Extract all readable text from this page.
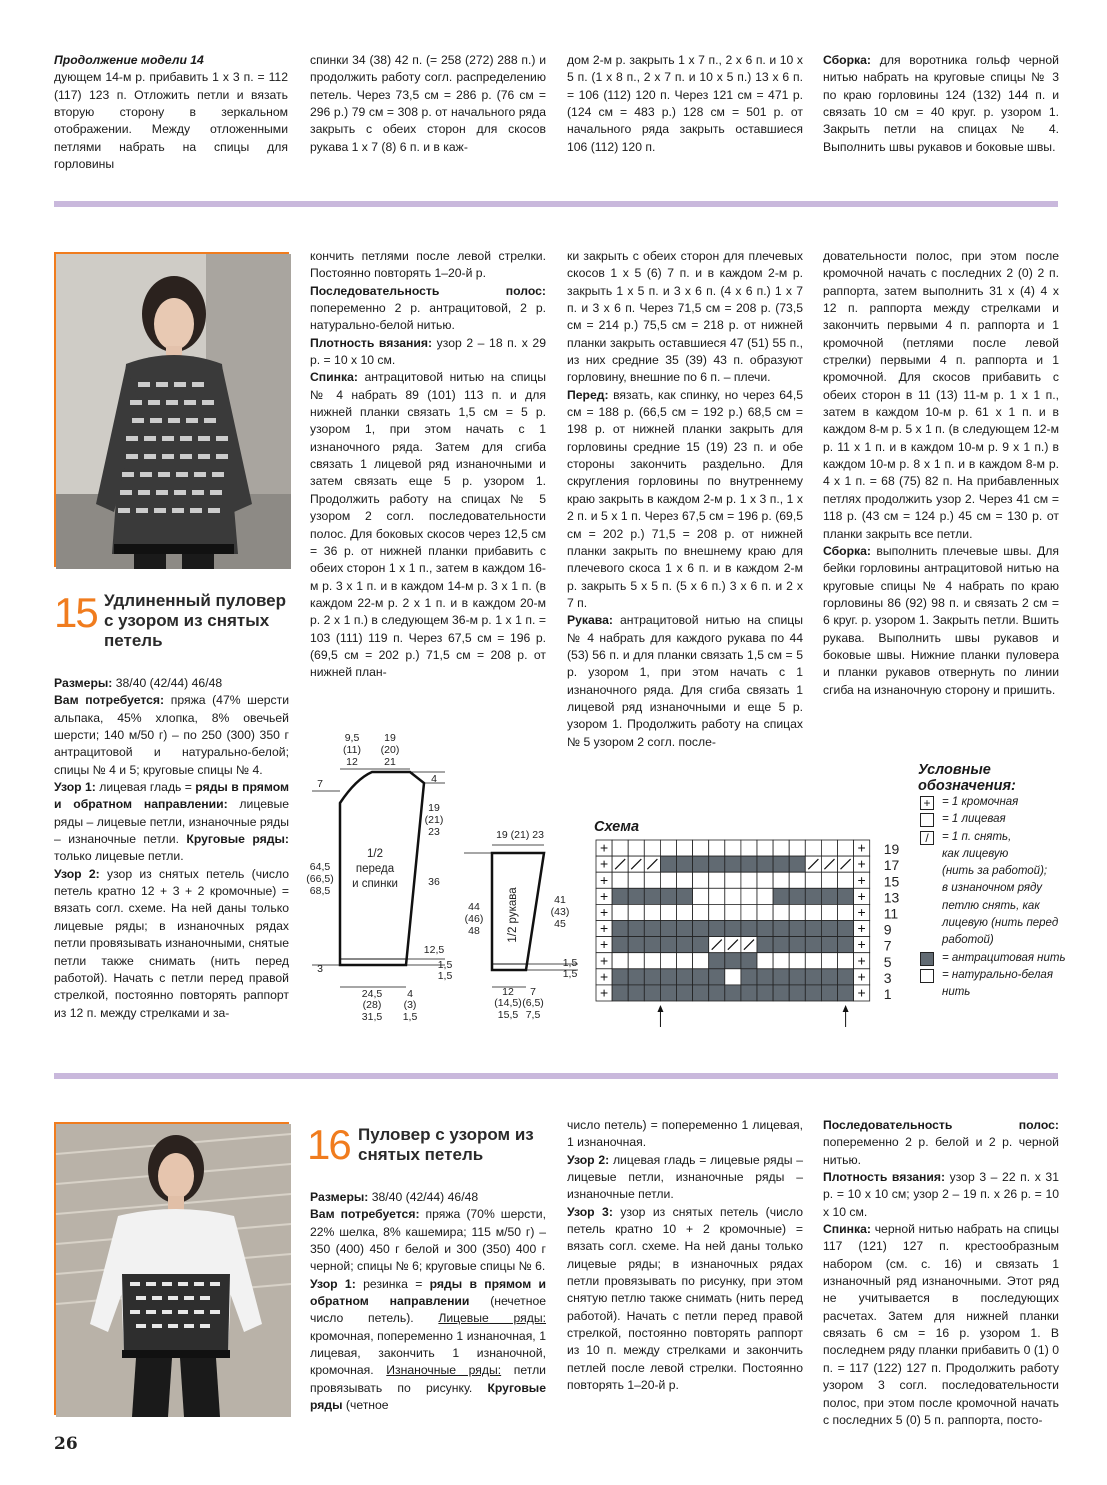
Продолжение модели 14

дующем 14-м р. прибавить 1 х 3 п. = 112 (117) 123 п. Отложить петли и вязать вторую сторону в зеркальном отображении. Между отложенными петлями набрать на спицы для горловины

спинки 34 (38) 42 п. (= 258 (272) 288 п.) и продолжить работу согл. распределению петель. Через 73,5 см = 286 р. (76 см = 296 р.) 79 см = 308 р. от начального ряда закрыть с обеих сторон для скосов рукава 1 х 7 (8) 6 п. и в каж-

дом 2-м р. закрыть 1 х 7 п., 2 х 6 п. и 10 х 5 п. (1 х 8 п., 2 х 7 п. и 10 х 5 п.) 13 х 6 п. = 106 (112) 120 п. Через 121 см = 471 р. (124 см = 483 р.) 128 см = 501 р. от начального ряда закрыть оставшиеся 106 (112) 120 п.

Сборка: для воротника гольф черной нитью набрать на круговые спицы № 3 по краю горловины 124 (132) 144 п. и связать 10 см = 40 круг. р. узором 1. Закрыть петли на спицах № 4. Выполнить швы рукавов и боковые швы.

15 Удлиненный пуловер с узором из снятых петель

Размеры: 38/40 (42/44) 46/48

Вам потребуется: пряжа (47% шерсти альпака, 45% хлопка, 8% овечьей шерсти; 140 м/50 г) – по 250 (300) 350 г антрацитовой и натурально-белой; спицы № 4 и 5; круговые спицы № 4.

Узор 1: лицевая гладь = ряды в прямом и обратном направлении: лицевые ряды – лицевые петли, изнаночные ряды – изнаночные петли. Круговые ряды: только лицевые петли.

Узор 2: узор из снятых петель (число петель кратно 12 + 3 + 2 кромочные) = вязать согл. схеме. На ней даны только лицевые ряды; в изнаночных рядах петли провязывать изнаночными, снятые петли также снимать (нить перед работой). Начать с петли перед правой стрелкой, постоянно повторять раппорт из 12 п. между стрелками и за-

кончить петлями после левой стрелки. Постоянно повторять 1–20-й р.

Последовательность полос: попеременно 2 р. антрацитовой, 2 р. натурально-белой нитью.

Плотность вязания: узор 2 – 18 п. х 29 р. = 10 х 10 см.

Спинка: антрацитовой нитью на спицы № 4 набрать 89 (101) 113 п. и для нижней планки связать 1,5 см = 5 р. узором 1, при этом начать с 1 изнаночного ряда. Затем для сгиба связать 1 лицевой ряд изнаночными и затем связать еще 5 р. узором 1. Продолжить работу на спицах № 5 узором 2 согл. последовательности полос. Для боковых скосов через 12,5 см = 36 р. от нижней планки прибавить с обеих сторон 1 х 1 п., затем в каждом 16-м р. 3 х 1 п. и в каждом 14-м р. 3 х 1 п. (в каждом 22-м р. 2 х 1 п. и в каждом 20-м р. 2 х 1 п.) в следующем 36-м р. 1 х 1 п. = 103 (111) 119 п. Через 67,5 см = 196 р. (69,5 см = 202 р.) 71,5 см = 208 р. от нижней план-

ки закрыть с обеих сторон для плечевых скосов 1 х 5 (6) 7 п. и в каждом 2-м р. закрыть 1 х 5 п. и 3 х 6 п. (4 х 6 п.) 1 х 7 п. и 3 х 6 п. Через 71,5 см = 208 р. (73,5 см = 214 р.) 75,5 см = 218 р. от нижней планки закрыть оставшиеся 47 (51) 55 п., из них средние 35 (39) 43 п. образуют горловину, внешние по 6 п. – плечи.

Перед: вязать, как спинку, но через 64,5 см = 188 р. (66,5 см = 192 р.) 68,5 см = 198 р. от нижней планки закрыть для горловины средние 15 (19) 23 п. и обе стороны закончить раздельно. Для скругления горловины по внутреннему краю закрыть в каждом 2-м р. 1 х 3 п., 1 х 2 п. и 5 х 1 п. Через 67,5 см = 196 р. (69,5 см = 202 р.) 71,5 = 208 р. от нижней планки закрыть по внешнему краю для плечевого скоса 1 х 6 п. и в каждом 2-м р. закрыть 5 х 5 п. (5 х 6 п.) 3 х 6 п. и 2 х 7 п.

Рукава: антрацитовой нитью на спицы № 4 набрать для каждого рукава по 44 (53) 56 п. и для планки связать 1,5 см = 5 р. узором 1, при этом начать с 1 изнаночного ряда. Для сгиба связать 1 лицевой ряд изнаночными и еще 5 р. узором 1. Продолжить работу на спицах № 5 узором 2 согл. после-

довательности полос, при этом после кромочной начать с последних 2 (0) 2 п. раппорта, затем выполнить 31 х (4) 4 х 12 п. раппорта между стрелками и закончить первыми 4 п. раппорта и 1 кромочной (петлями после левой стрелки) первыми 4 п. раппорта и 1 кромочной. Для скосов прибавить с обеих сторон в 11 (13) 11-м р. 1 х 1 п., затем в каждом 10-м р. 61 х 1 п. и в каждом 8-м р. 5 х 1 п. (в следующем 12-м р. 11 х 1 п. и в каждом 10-м р. 9 х 1 п.) в каждом 10-м р. 8 х 1 п. и в каждом 8-м р. 4 х 1 п. = 68 (75) 82 п. На прибавленных петлях продолжить узор 2. Через 41 см = 118 р. (43 см = 124 р.) 45 см = 130 р. от планки закрыть все петли.

Сборка: выполнить плечевые швы. Для бейки горловины антрацитовой нитью на круговые спицы № 4 набрать по краю горловины 86 (92) 98 п. и связать 2 см = 6 круг. р. узором 1. Закрыть петли. Вшить рукава. Выполнить швы рукавов и боковые швы. Нижние планки пуловера и планки рукавов отвернуть по линии сгиба на изнаночную сторону и пришить.

9,5
(11)
12
19
(20)
21
7	4
19
(21)
23
64,5
(66,5)
68,5
36
12,5
3	1,5
1,5
24,5
(28)
31,5
4
(3)
1,5
1/2
переда
и спинки
19 (21) 23
44
(46)
48
41
(43)
45
1,5
1,5
12
(14,5)
15,5
7
(6,5)
7,5
1/2 рукава
Схема
+	+
+	+
+	+
+	+
+	+
+	+
+	+
+	+
+	+
+	+
19
17
15
13
11
9
7
5
3
1
Условные
обозначения:
+	= 1 кромочная
= 1 лицевая
/	= 1 п. снять,
как лицевую
(нить за работой);
в изнаночном ряду
петлю снять, как
лицевую (нить перед
работой)
= антрацитовая нить
= натурально-белая
нить
16 Пуловер с узором из снятых петель

Размеры: 38/40 (42/44) 46/48

Вам потребуется: пряжа (70% шерсти, 22% шелка, 8% кашемира; 115 м/50 г) – 350 (400) 450 г белой и 300 (350) 400 г черной; спицы № 6; круговые спицы № 6.

Узор 1: резинка = ряды в прямом и обратном направлении (нечетное число петель). Лицевые ряды: кромочная, попеременно 1 изнаночная, 1 лицевая, закончить 1 изнаночной, кромочная. Изнаночные ряды: петли провязывать по рисунку. Круговые ряды (четное

число петель) = попеременно 1 лицевая, 1 изнаночная.

Узор 2: лицевая гладь = лицевые ряды – лицевые петли, изнаночные ряды – изнаночные петли.

Узор 3: узор из снятых петель (число петель кратно 10 + 2 кромочные) = вязать согл. схеме. На ней даны только лицевые ряды; в изнаночных рядах петли провязывать по рисунку, при этом снятую петлю также снимать (нить перед работой). Начать с петли перед правой стрелкой, постоянно повторять раппорт из 10 п. между стрелками и закончить петлей после левой стрелки. Постоянно повторять 1–20-й р.

Последовательность полос: попеременно 2 р. белой и 2 р. черной нитью.

Плотность вязания: узор 3 – 22 п. х 31 р. = 10 х 10 см; узор 2 – 19 п. х 26 р. = 10 х 10 см.

Спинка: черной нитью набрать на спицы 117 (121) 127 п. крестообразным набором (см. с. 16) и связать 1 изнаночный ряд изнаночными. Этот ряд не учитывается в последующих расчетах. Затем для нижней планки связать 6 см = 16 р. узором 1. В последнем ряду планки прибавить 0 (1) 0 п. = 117 (122) 127 п. Продолжить работу узором 3 согл. последовательности полос, при этом после кромочной начать с последних 5 (0) 5 п. раппорта, посто-

26
